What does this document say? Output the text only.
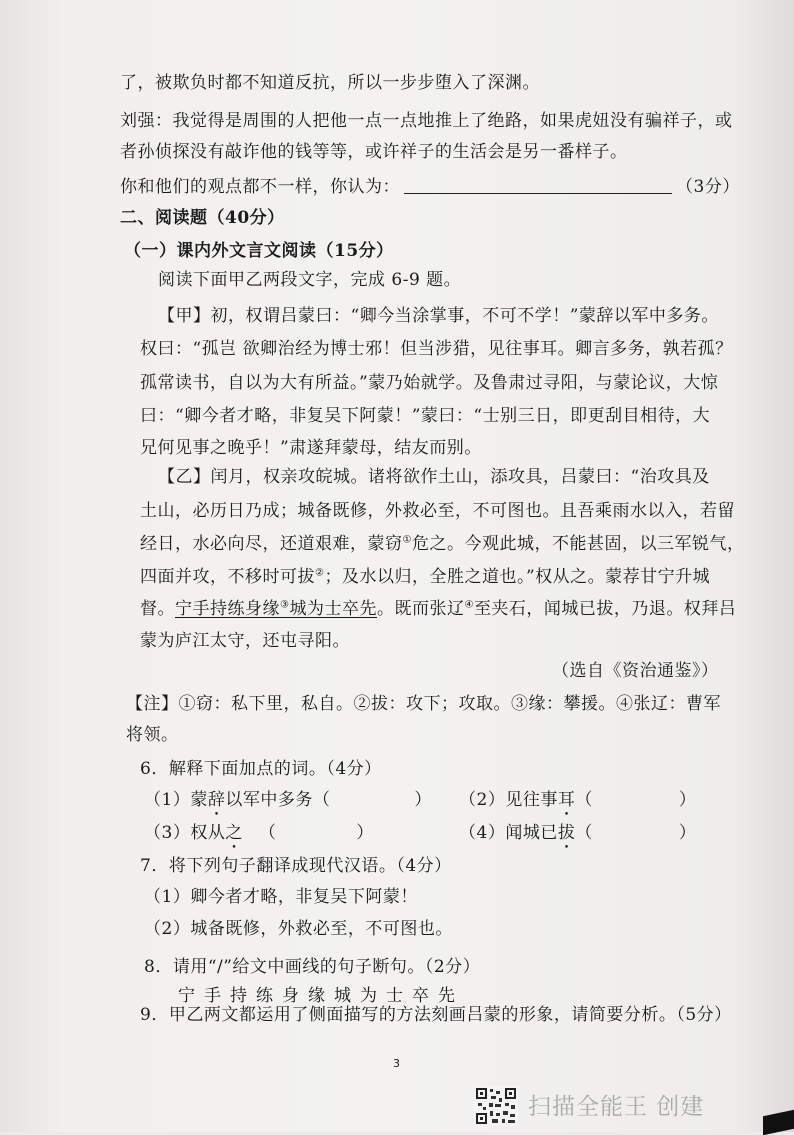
了，被欺负时都不知道反抗，所以一步步堕入了深渊。
刘强：我觉得是周围的人把他一点一点地推上了绝路，如果虎妞没有骗祥子，或
者孙侦探没有敲诈他的钱等等，或许祥子的生活会是另一番样子。
你和他们的观点都不一样，你认为：	（3分）
二、阅读题（40分）
（一）课内外文言文阅读（15分）
阅读下面甲乙两段文字，完成 6-9 题。
【甲】初，权谓吕蒙曰：“卿今当涂掌事，不可不学！”蒙辞以军中多务。
权曰：“孤岂 欲卿治经为博士邪！但当涉猎，见往事耳。卿言多务，孰若孤？
孤常读书，自以为大有所益。”蒙乃始就学。及鲁肃过寻阳，与蒙论议，大惊
曰：“卿今者才略，非复吴下阿蒙！”蒙曰：“士别三日，即更刮目相待，大
兄何见事之晚乎！”肃遂拜蒙母，结友而别。
【乙】闰月，权亲攻皖城。诸将欲作土山，添攻具，吕蒙曰：“治攻具及
土山，必历日乃成；城备既修，外救必至，不可图也。且吾乘雨水以入，若留
经日，水必向尽，还道艰难，蒙窃①危之。今观此城，不能甚固，以三军锐气，
四面并攻，不移时可拔②；及水以归，全胜之道也。”权从之。蒙荐甘宁升城
督。宁手持练身缘③城为士卒先。既而张辽④至夹石，闻城已拔，乃退。权拜吕
蒙为庐江太守，还屯寻阳。
（选自《资治通鉴》）
【注】①窃：私下里，私自。②拔：攻下；攻取。③缘：攀援。④张辽：曹军
将领。
6．解释下面加点的词。（4分）
（1）蒙辞以军中多务（	） （2）见往事耳（	）
（3）权从之 （	）	（4）闻城已拔（	）
7．将下列句子翻译成现代汉语。（4分）
（1）卿今者才略，非复吴下阿蒙！
（2）城备既修，外救必至，不可图也。
8．请用“/”给文中画线的句子断句。（2分）
宁手持练身缘城为士卒先
9．甲乙两文都运用了侧面描写的方法刻画吕蒙的形象，请简要分析。（5分）
3
扫描全能王 创建
